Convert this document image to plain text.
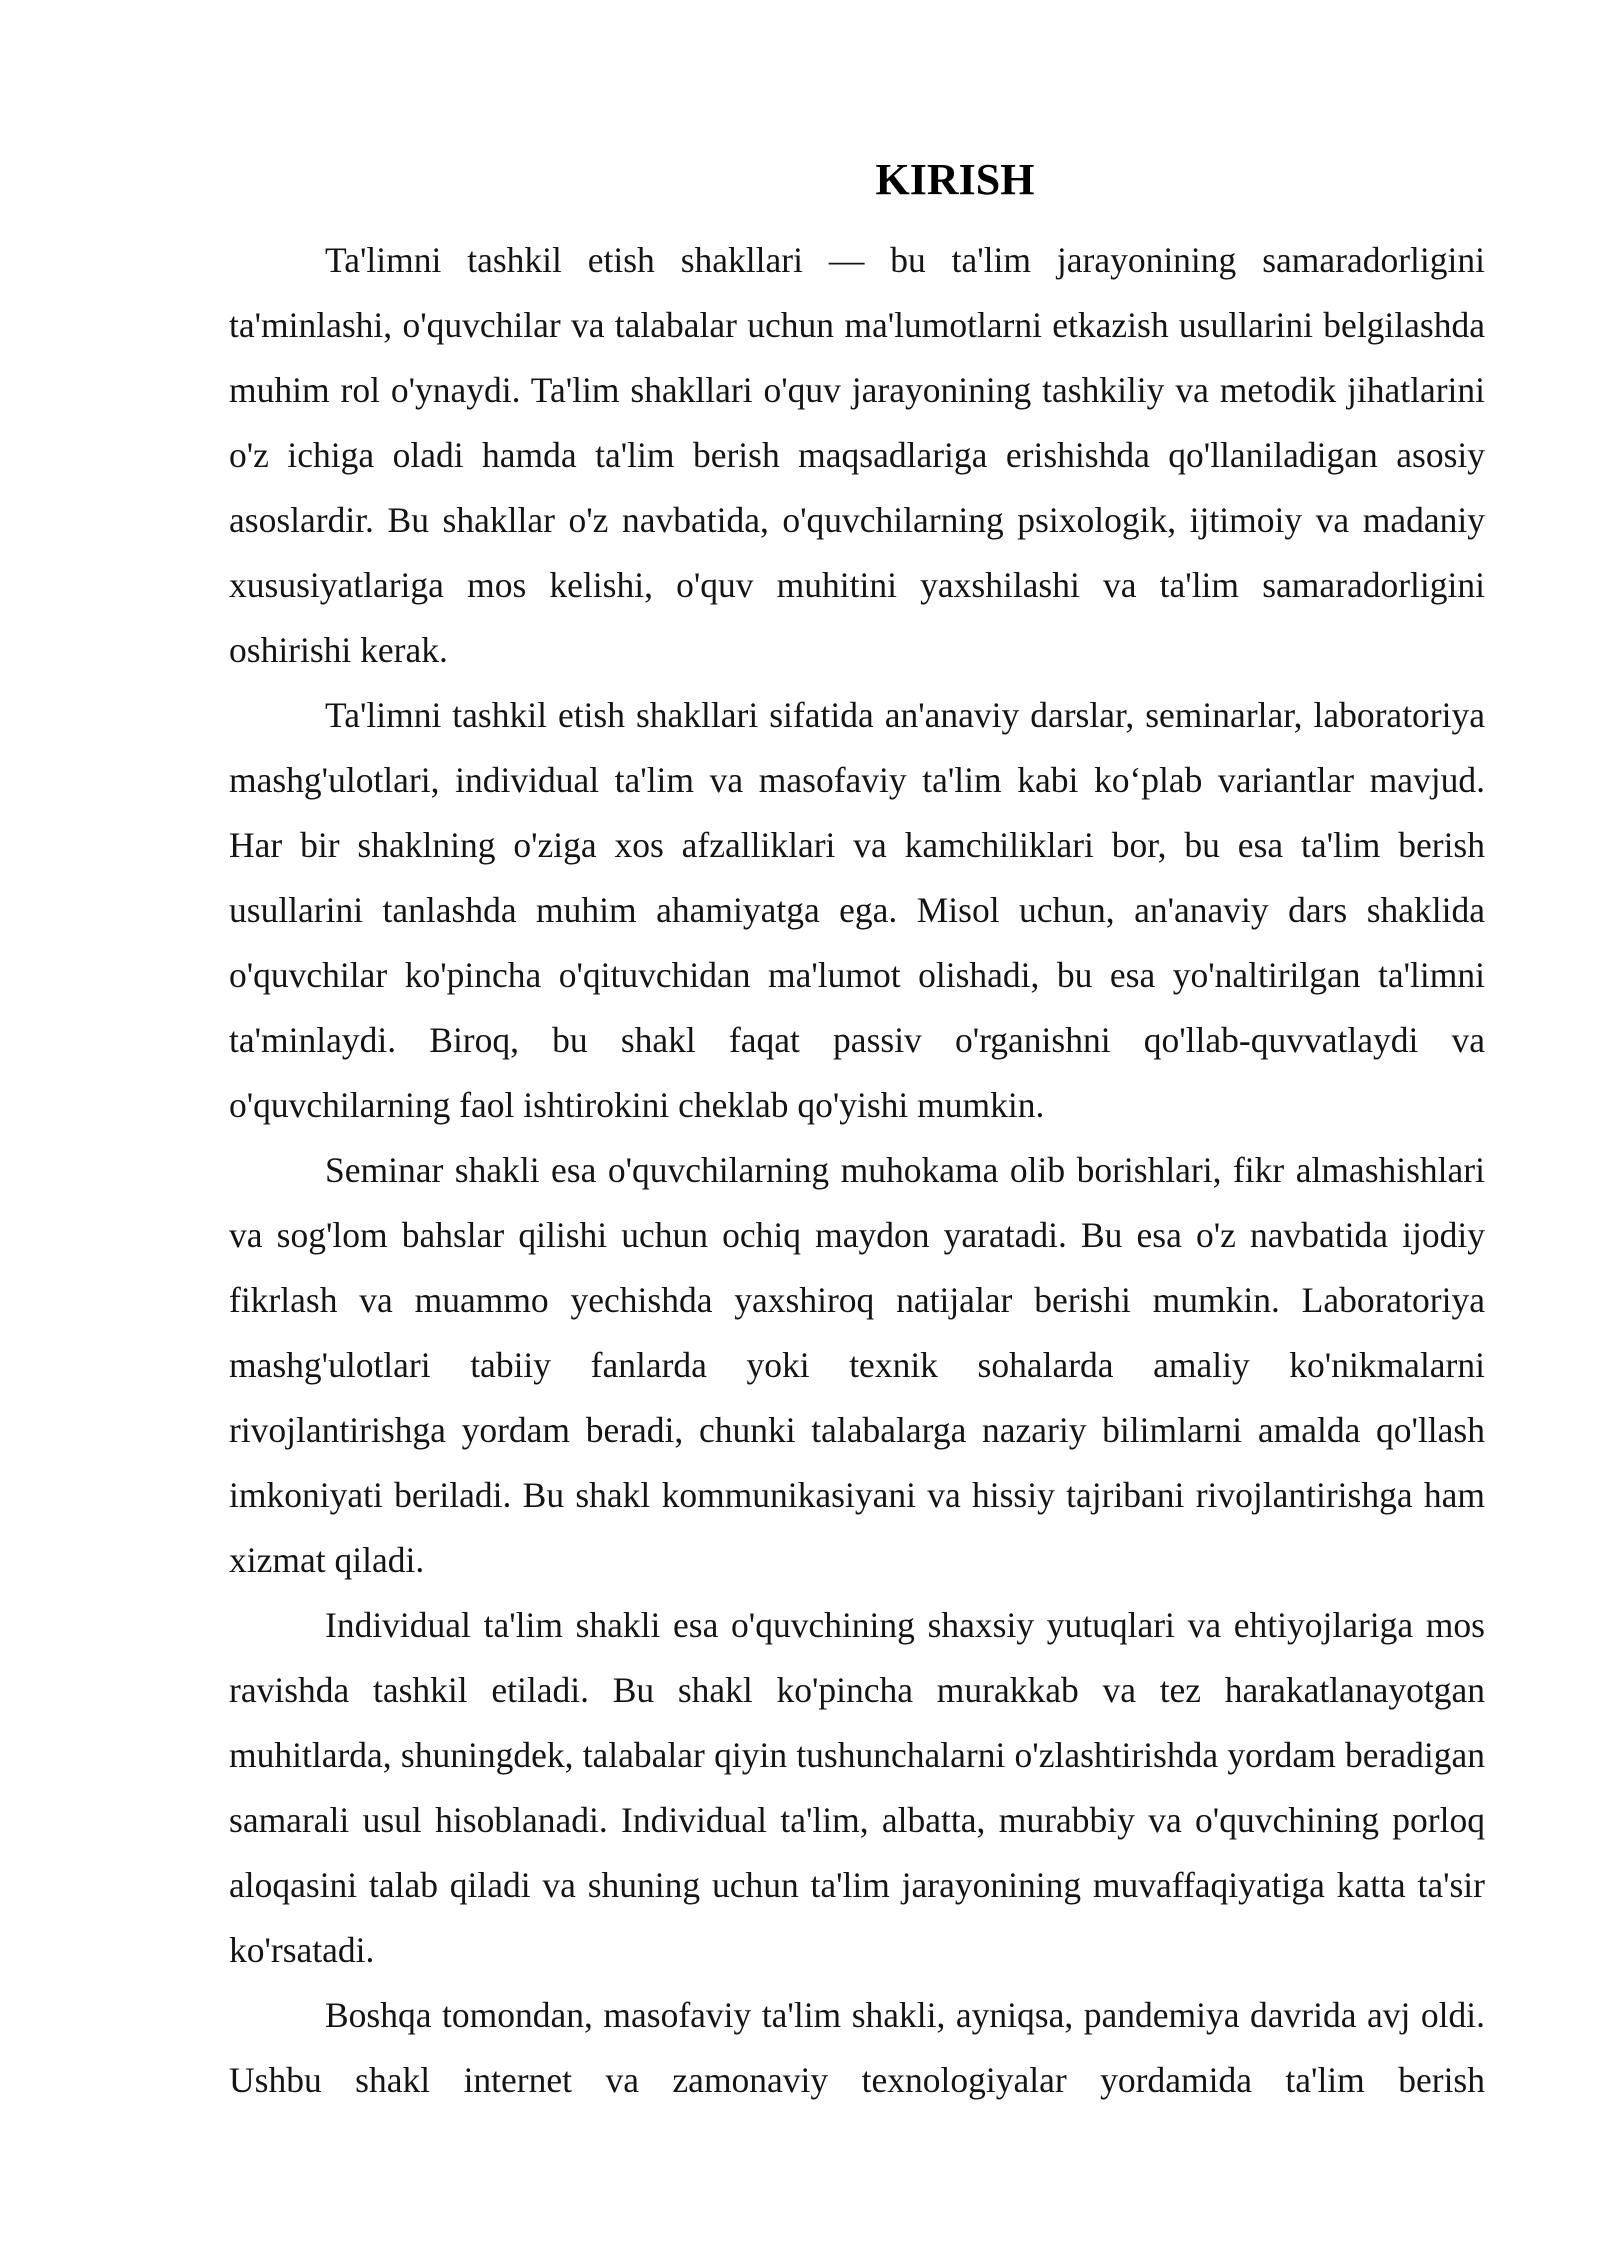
KIRISH

Ta'limni tashkil etish shakllari — bu ta'lim jarayonining samaradorligini ta'minlashi, o'quvchilar va talabalar uchun ma'lumotlarni etkazish usullarini belgilashda muhim rol o'ynaydi. Ta'lim shakllari o'quv jarayonining tashkiliy va metodik jihatlarini o'z ichiga oladi hamda ta'lim berish maqsadlariga erishishda qo'llaniladigan asosiy asoslardir. Bu shakllar o'z navbatida, o'quvchilarning psixologik, ijtimoiy va madaniy xususiyatlariga mos kelishi, o'quv muhitini yaxshilashi va ta'lim samaradorligini oshirishi kerak.

Ta'limni tashkil etish shakllari sifatida an'anaviy darslar, seminarlar, laboratoriya mashg'ulotlari, individual ta'lim va masofaviy ta'lim kabi ko‘plab variantlar mavjud. Har bir shaklning o'ziga xos afzalliklari va kamchiliklari bor, bu esa ta'lim berish usullarini tanlashda muhim ahamiyatga ega. Misol uchun, an'anaviy dars shaklida o'quvchilar ko'pincha o'qituvchidan ma'lumot olishadi, bu esa yo'naltirilgan ta'limni ta'minlaydi. Biroq, bu shakl faqat passiv o'rganishni qo'llab-quvvatlaydi va o'quvchilarning faol ishtirokini cheklab qo'yishi mumkin.

Seminar shakli esa o'quvchilarning muhokama olib borishlari, fikr almashishlari va sog'lom bahslar qilishi uchun ochiq maydon yaratadi. Bu esa o'z navbatida ijodiy fikrlash va muammo yechishda yaxshiroq natijalar berishi mumkin. Laboratoriya mashg'ulotlari tabiiy fanlarda yoki texnik sohalarda amaliy ko'nikmalarni rivojlantirishga yordam beradi, chunki talabalarga nazariy bilimlarni amalda qo'llash imkoniyati beriladi. Bu shakl kommunikasiyani va hissiy tajribani rivojlantirishga ham xizmat qiladi.

Individual ta'lim shakli esa o'quvchining shaxsiy yutuqlari va ehtiyojlariga mos ravishda tashkil etiladi. Bu shakl ko'pincha murakkab va tez harakatlanayotgan muhitlarda, shuningdek, talabalar qiyin tushunchalarni o'zlashtirishda yordam beradigan samarali usul hisoblanadi. Individual ta'lim, albatta, murabbiy va o'quvchining porloq aloqasini talab qiladi va shuning uchun ta'lim jarayonining muvaffaqiyatiga katta ta'sir ko'rsatadi.

Boshqa tomondan, masofaviy ta'lim shakli, ayniqsa, pandemiya davrida avj oldi. Ushbu shakl internet va zamonaviy texnologiyalar yordamida ta'lim berish
